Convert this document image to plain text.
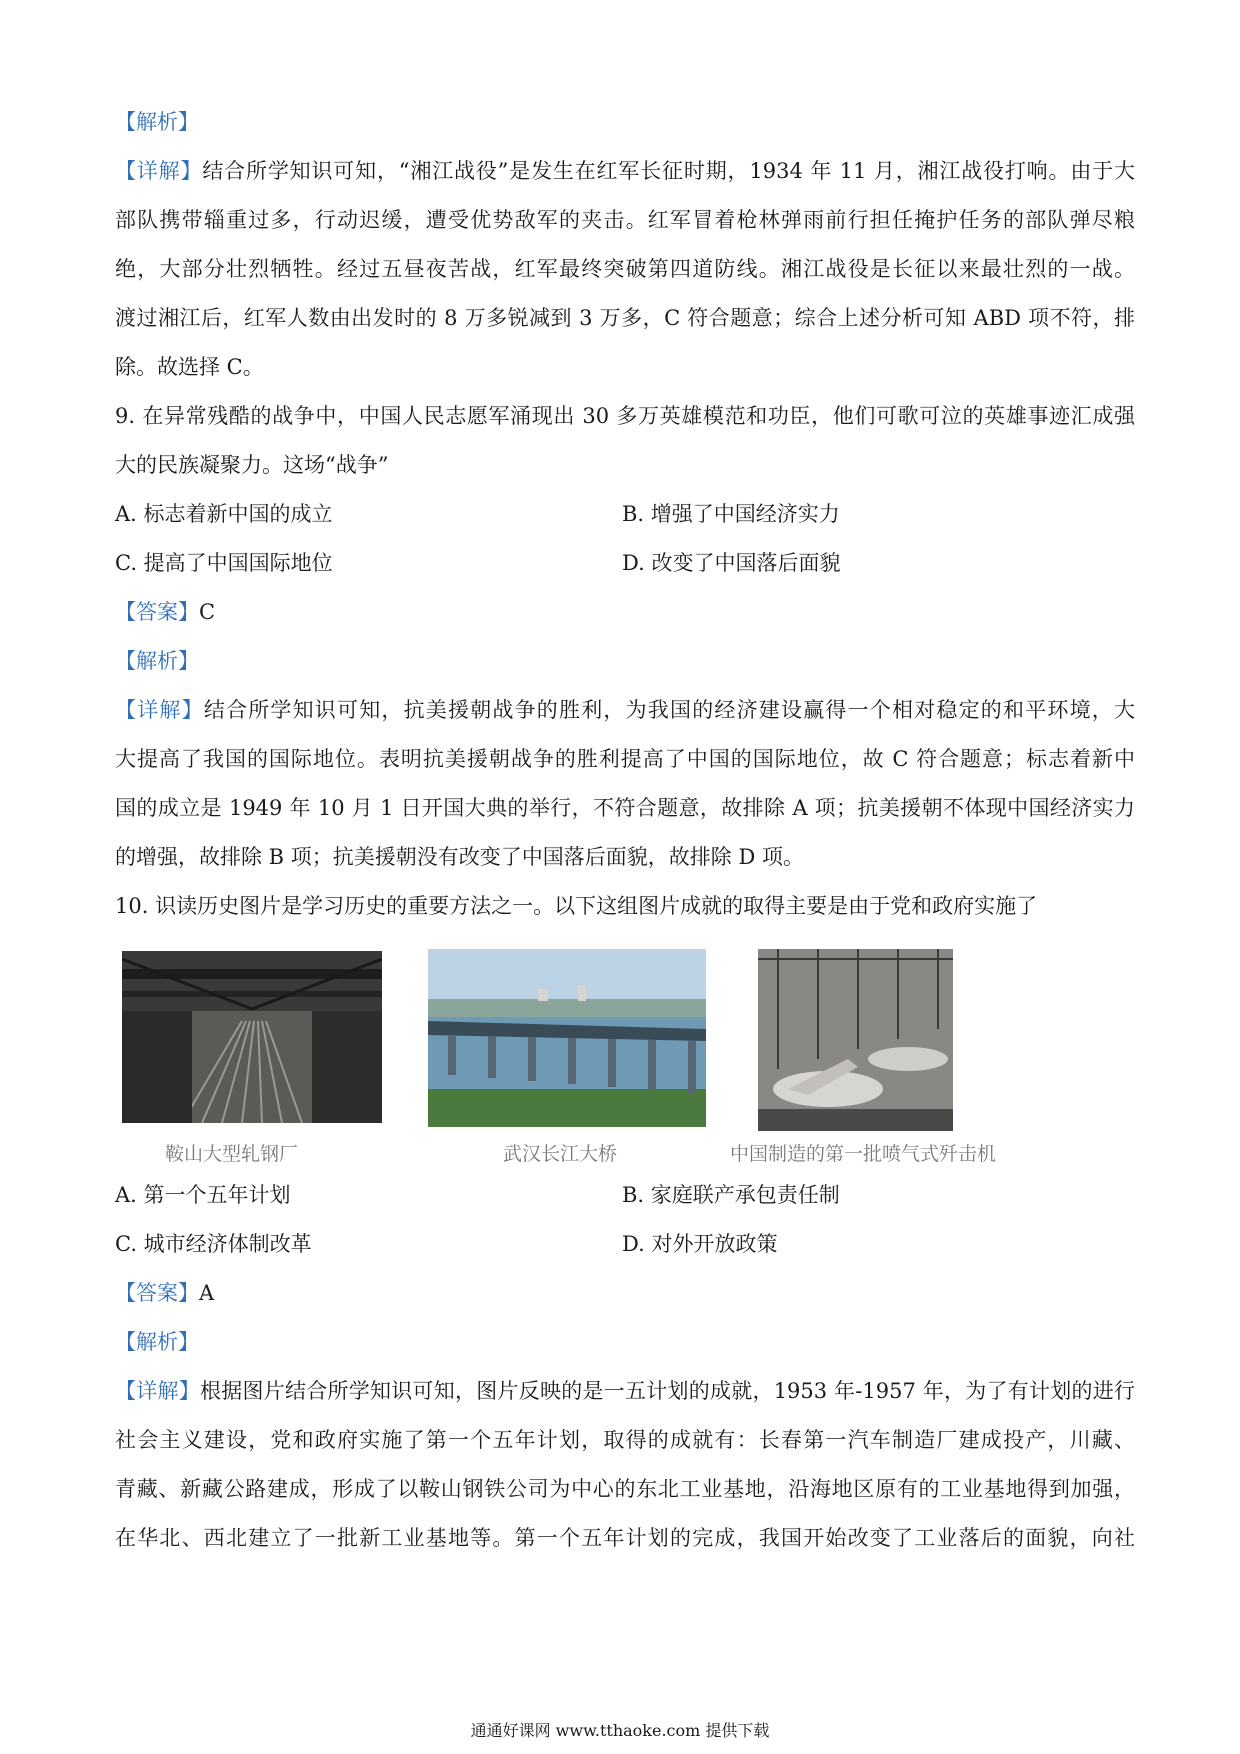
【解析】
【详解】结合所学知识可知，“湘江战役”是发生在红军长征时期，1934 年 11 月，湘江战役打响。由于大
部队携带辎重过多，行动迟缓，遭受优势敌军的夹击。红军冒着枪林弹雨前行担任掩护任务的部队弹尽粮
绝，大部分壮烈牺牲。经过五昼夜苦战，红军最终突破第四道防线。湘江战役是长征以来最壮烈的一战。
渡过湘江后，红军人数由出发时的 8 万多锐减到 3 万多，C 符合题意；综合上述分析可知 ABD 项不符，排
除。故选择 C。
9. 在异常残酷的战争中，中国人民志愿军涌现出 30 多万英雄模范和功臣，他们可歌可泣的英雄事迹汇成强
大的民族凝聚力。这场“战争”
A. 标志着新中国的成立	B. 增强了中国经济实力
C. 提高了中国国际地位	D. 改变了中国落后面貌
【答案】C
【解析】
【详解】结合所学知识可知，抗美援朝战争的胜利，为我国的经济建设赢得一个相对稳定的和平环境，大
大提高了我国的国际地位。表明抗美援朝战争的胜利提高了中国的国际地位，故 C 符合题意；标志着新中
国的成立是 1949 年 10 月 1 日开国大典的举行，不符合题意，故排除 A 项；抗美援朝不体现中国经济实力
的增强，故排除 B 项；抗美援朝没有改变了中国落后面貌，故排除 D 项。
10. 识读历史图片是学习历史的重要方法之一。以下这组图片成就的取得主要是由于党和政府实施了
鞍山大型轧钢厂	武汉长江大桥	中国制造的第一批喷气式歼击机
A. 第一个五年计划	B. 家庭联产承包责任制
C. 城市经济体制改革	D. 对外开放政策
【答案】A
【解析】
【详解】根据图片结合所学知识可知，图片反映的是一五计划的成就，1953 年-1957 年，为了有计划的进行
社会主义建设，党和政府实施了第一个五年计划，取得的成就有：长春第一汽车制造厂建成投产，川藏、
青藏、新藏公路建成，形成了以鞍山钢铁公司为中心的东北工业基地，沿海地区原有的工业基地得到加强，
在华北、西北建立了一批新工业基地等。第一个五年计划的完成，我国开始改变了工业落后的面貌，向社
通通好课网 www.tthaoke.com 提供下载
